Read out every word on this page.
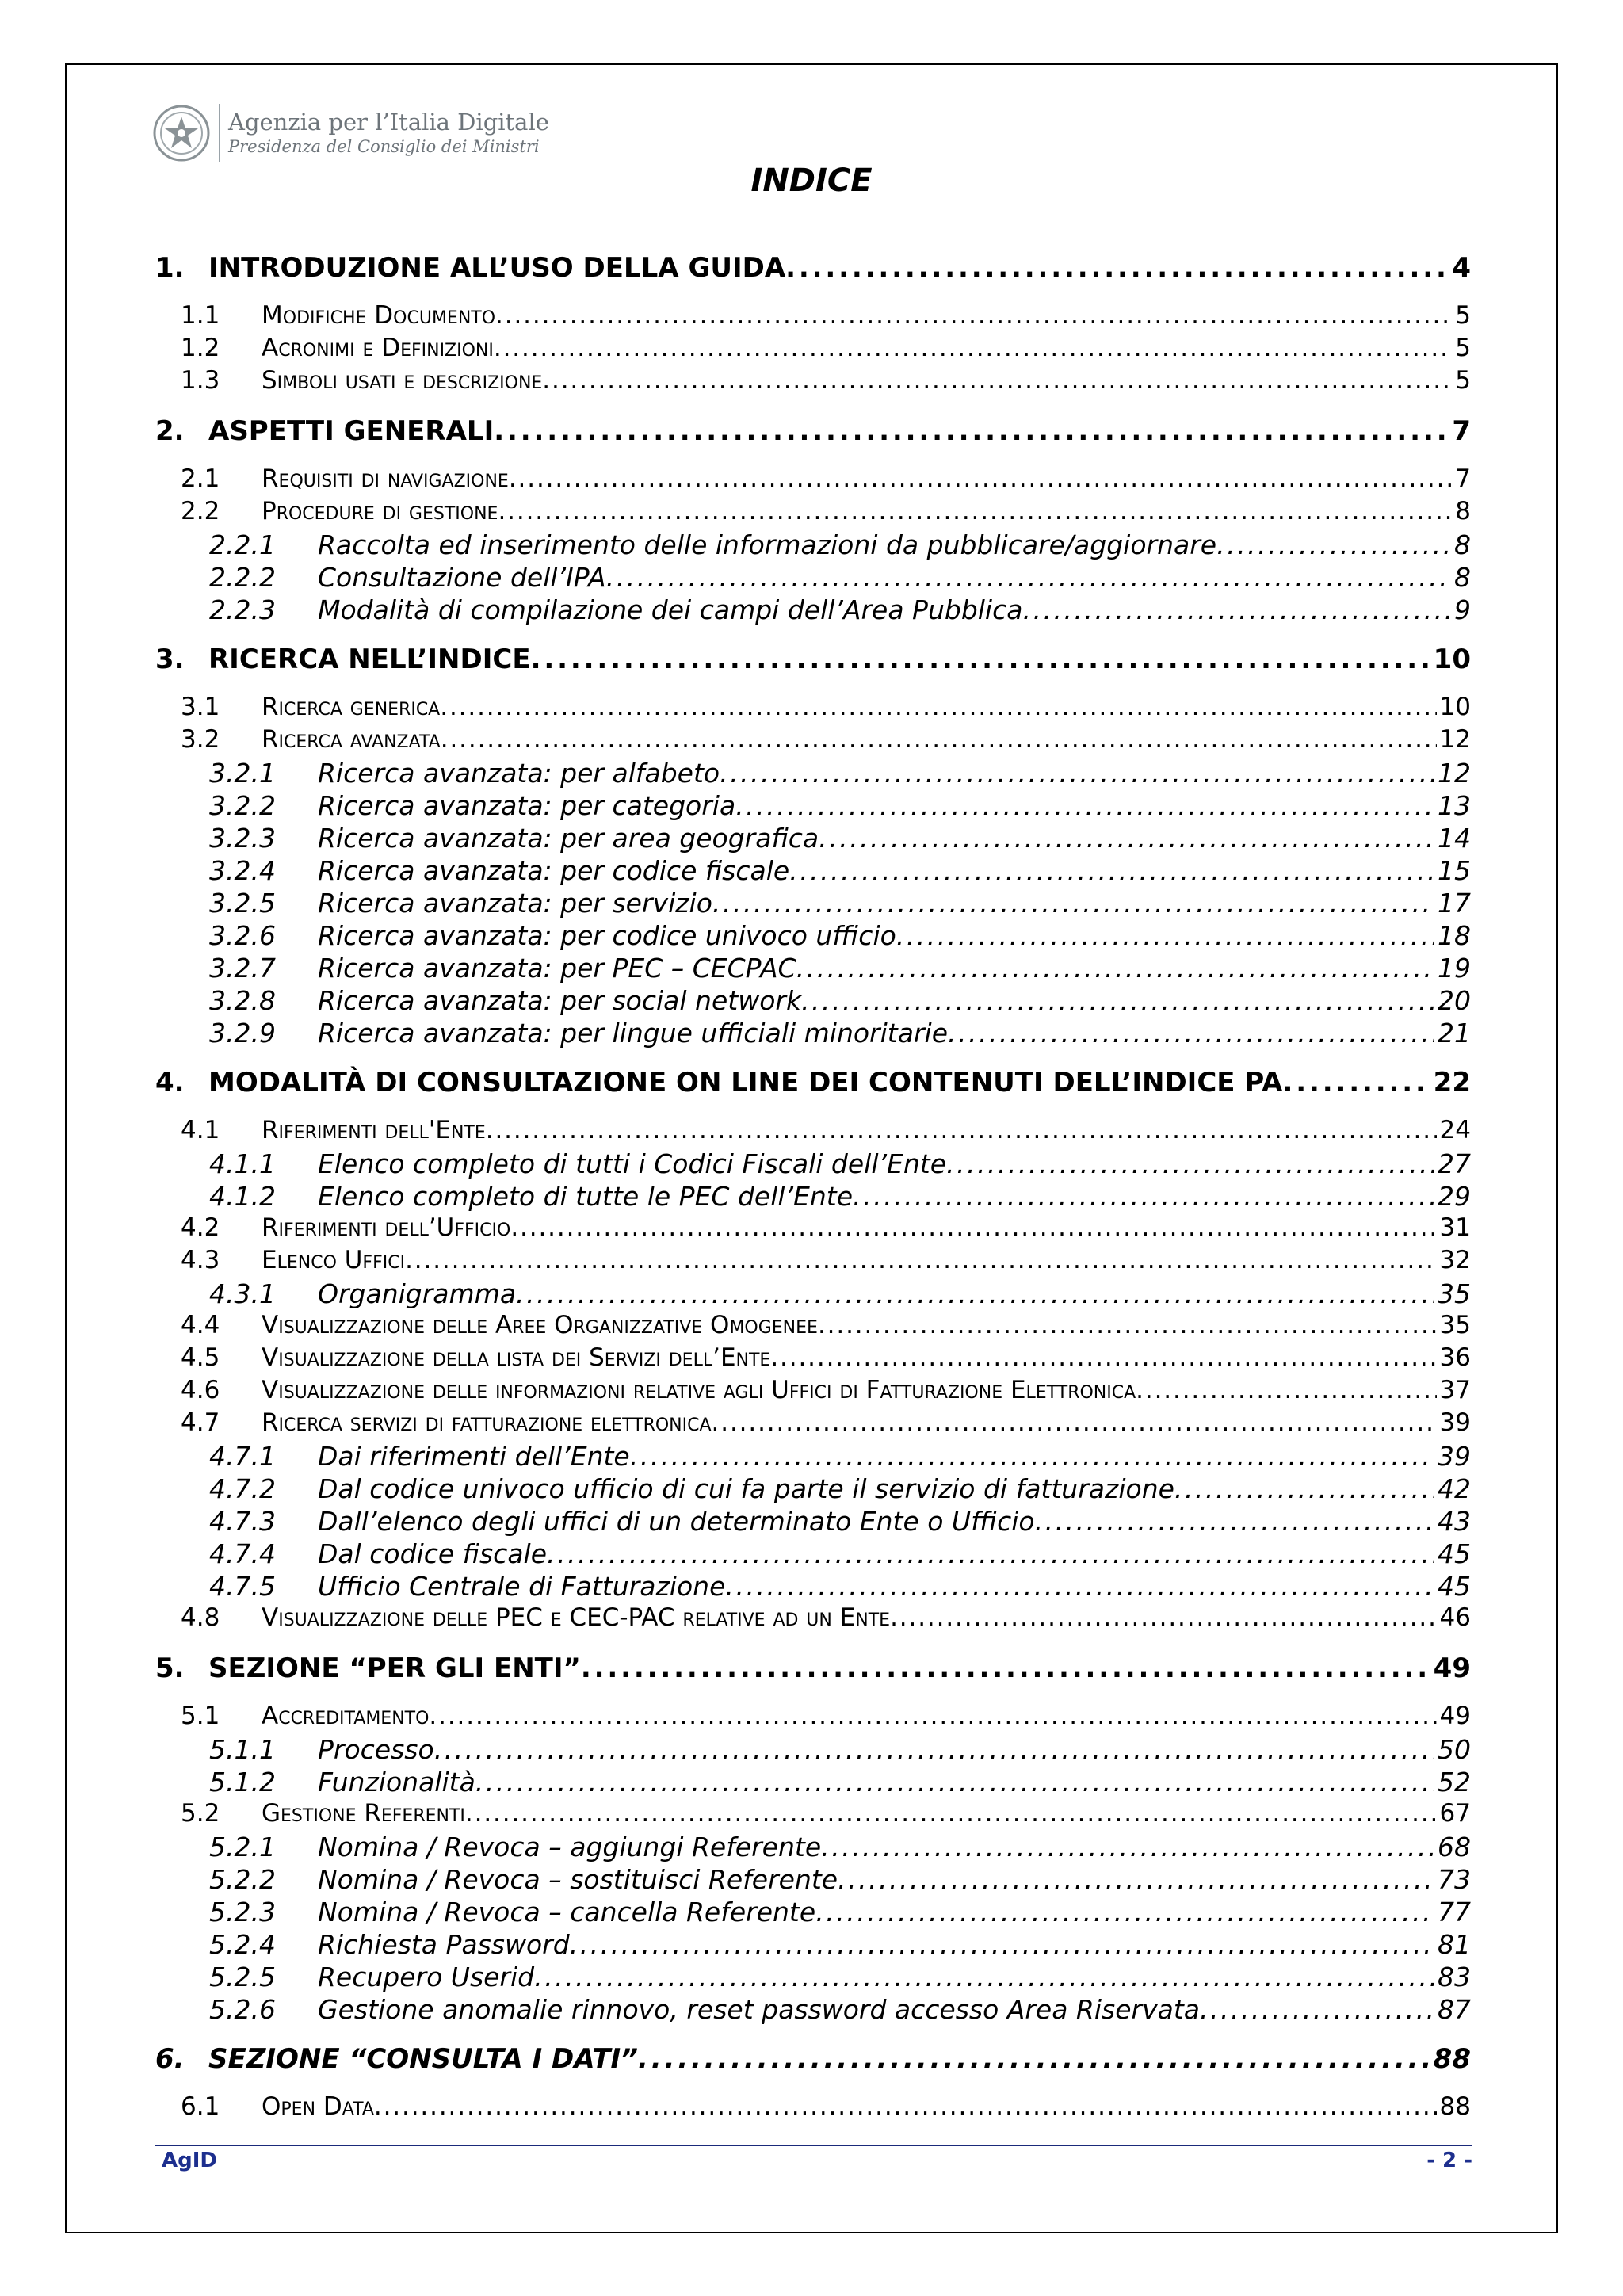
Agenzia per l’Italia Digitale
Presidenza del Consiglio dei Ministri
INDICE
1. INTRODUZIONE ALL’USO DELLA GUIDA . . .	4
1.1	Modifiche Documento . . .	5
1.2	Acronimi e Definizioni . . .	5
1.3	Simboli usati e descrizione . . .	5
2. ASPETTI GENERALI . . .	7
2.1	Requisiti di navigazione . . .	7
2.2	Procedure di gestione . . .	8
2.2.1	Raccolta ed inserimento delle informazioni da pubblicare/aggiornare . . .	8
2.2.2	Consultazione dell’IPA . . .	8
2.2.3	Modalità di compilazione dei campi dell’Area Pubblica . . .	9
3. RICERCA NELL’INDICE . . .	10
3.1	Ricerca generica . . .	10
3.2	Ricerca avanzata . . .	12
3.2.1	Ricerca avanzata: per alfabeto . . .	12
3.2.2	Ricerca avanzata: per categoria . . .	13
3.2.3	Ricerca avanzata: per area geografica . . .	14
3.2.4	Ricerca avanzata: per codice fiscale . . .	15
3.2.5	Ricerca avanzata: per servizio . . .	17
3.2.6	Ricerca avanzata: per codice univoco ufficio . . .	18
3.2.7	Ricerca avanzata: per PEC – CECPAC . . .	19
3.2.8	Ricerca avanzata: per social network . . .	20
3.2.9	Ricerca avanzata: per lingue ufficiali minoritarie . . .	21
4. MODALITÀ DI CONSULTAZIONE ON LINE DEI CONTENUTI DELL’INDICE PA . . .	22
4.1	Riferimenti dell'Ente . . .	24
4.1.1	Elenco completo di tutti i Codici Fiscali dell’Ente . . .	27
4.1.2	Elenco completo di tutte le PEC dell’Ente . . .	29
4.2	Riferimenti dell’Ufficio . . .	31
4.3	Elenco Uffici . . .	32
4.3.1	Organigramma . . .	35
4.4	Visualizzazione delle Aree Organizzative Omogenee . . .	35
4.5	Visualizzazione della lista dei Servizi dell’Ente . . .	36
4.6	Visualizzazione delle informazioni relative agli Uffici di Fatturazione Elettronica . . .	37
4.7	Ricerca servizi di fatturazione elettronica . . .	39
4.7.1	Dai riferimenti dell’Ente . . .	39
4.7.2	Dal codice univoco ufficio di cui fa parte il servizio di fatturazione . . .	42
4.7.3	Dall’elenco degli uffici di un determinato Ente o Ufficio . . .	43
4.7.4	Dal codice fiscale . . .	45
4.7.5	Ufficio Centrale di Fatturazione . . .	45
4.8	Visualizzazione delle PEC e CEC-PAC relative ad un Ente . . .	46
5. SEZIONE “PER GLI ENTI” . . .	49
5.1	Accreditamento . . .	49
5.1.1	Processo . . .	50
5.1.2	Funzionalità . . .	52
5.2	Gestione Referenti . . .	67
5.2.1	Nomina / Revoca – aggiungi Referente . . .	68
5.2.2	Nomina / Revoca – sostituisci Referente . . .	73
5.2.3	Nomina / Revoca – cancella Referente . . .	77
5.2.4	Richiesta Password . . .	81
5.2.5	Recupero Userid . . .	83
5.2.6	Gestione anomalie rinnovo, reset password accesso Area Riservata . . .	87
6. SEZIONE “CONSULTA I DATI” . . .	88
6.1	Open Data . . .	88
AgID	- 2 -
